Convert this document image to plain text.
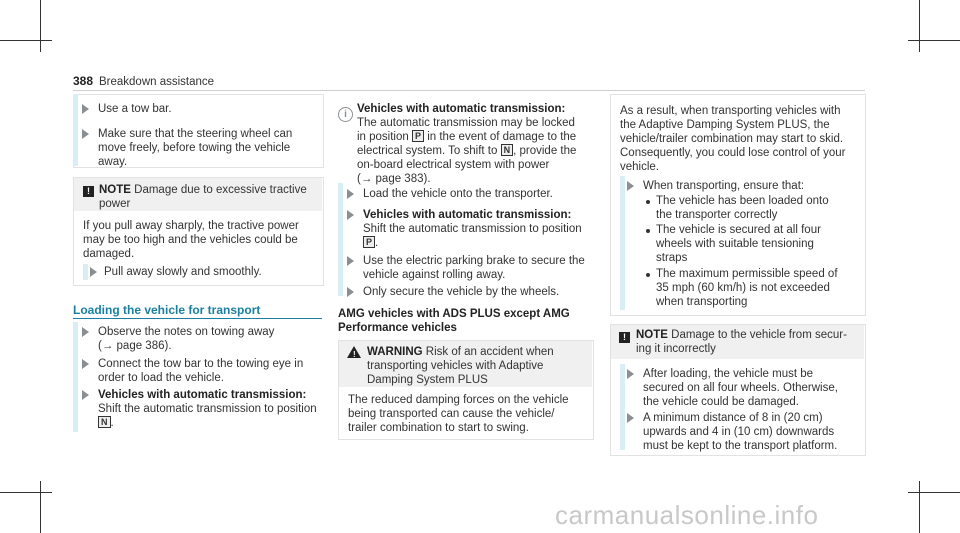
388 Breakdown assistance
Use a tow bar.
Make sure that the steering wheel can
move freely, before towing the vehicle
away.
! NOTE Damage due to excessive tractive
power
If you pull away sharply, the tractive power
may be too high and the vehicles could be
damaged.
Pull away slowly and smoothly.
Loading the vehicle for transport
Observe the notes on towing away
(→ page 386).
Connect the tow bar to the towing eye in
order to load the vehicle.
Vehicles with automatic transmission:
Shift the automatic transmission to position
N .
i Vehicles with automatic transmission:
The automatic transmission may be locked
in position P in the event of damage to the
electrical system. To shift to N , provide the
on-board electrical system with power
(→ page 383).
Load the vehicle onto the transporter.
Vehicles with automatic transmission:
Shift the automatic transmission to position
P .
Use the electric parking brake to secure the
vehicle against rolling away.
Only secure the vehicle by the wheels.
AMG vehicles with ADS PLUS except AMG
Performance vehicles
! WARNING Risk of an accident when
transporting vehicles with Adaptive
Damping System PLUS
The reduced damping forces on the vehicle
being transported can cause the vehicle/
trailer combination to start to swing.
As a result, when transporting vehicles with
the Adaptive Damping System PLUS, the
vehicle/trailer combination may start to skid.
Consequently, you could lose control of your
vehicle.
When transporting, ensure that:
The vehicle has been loaded onto
the transporter correctly
The vehicle is secured at all four
wheels with suitable tensioning
straps
The maximum permissible speed of
35 mph (60 km/h) is not exceeded
when transporting
! NOTE Damage to the vehicle from secur-
ing it incorrectly
After loading, the vehicle must be
secured on all four wheels. Otherwise,
the vehicle could be damaged.
A minimum distance of 8 in (20 cm)
upwards and 4 in (10 cm) downwards
must be kept to the transport platform.
carmanualsonline.info
